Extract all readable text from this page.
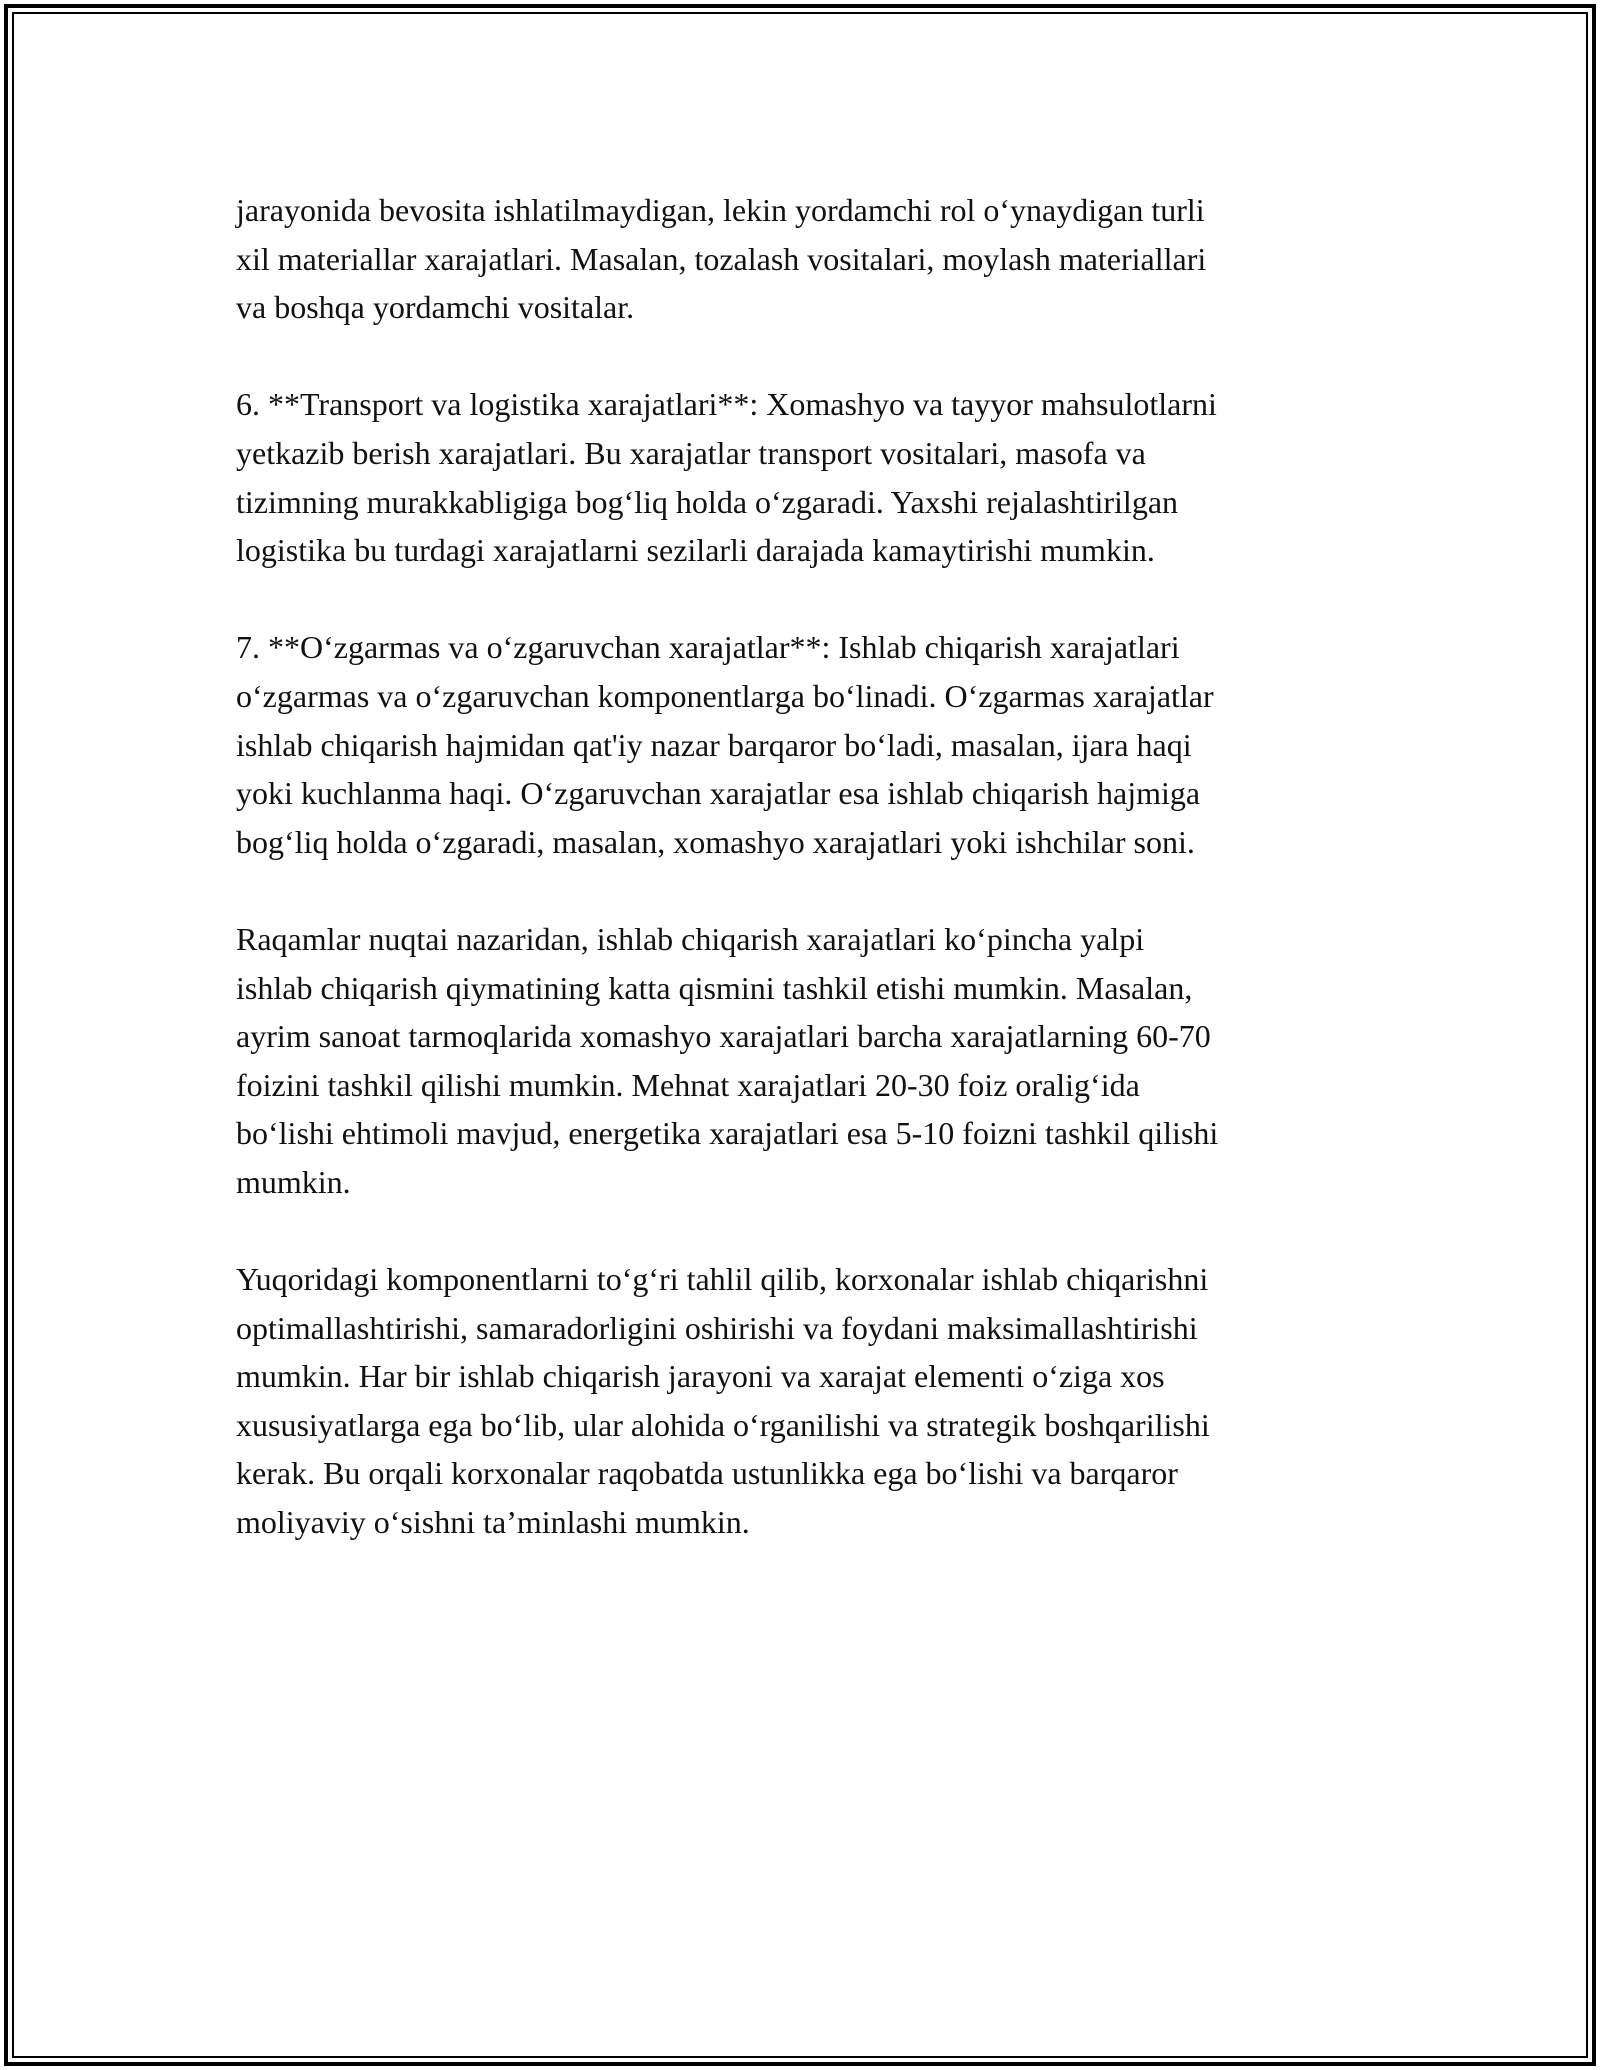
jarayonida bevosita ishlatilmaydigan, lekin yordamchi rol o‘ynaydigan turli
xil materiallar xarajatlari. Masalan, tozalash vositalari, moylash materiallari
va boshqa yordamchi vositalar.

6. **Transport va logistika xarajatlari**: Xomashyo va tayyor mahsulotlarni
yetkazib berish xarajatlari. Bu xarajatlar transport vositalari, masofa va
tizimning murakkabligiga bog‘liq holda o‘zgaradi. Yaxshi rejalashtirilgan
logistika bu turdagi xarajatlarni sezilarli darajada kamaytirishi mumkin.

7. **O‘zgarmas va o‘zgaruvchan xarajatlar**: Ishlab chiqarish xarajatlari
o‘zgarmas va o‘zgaruvchan komponentlarga bo‘linadi. O‘zgarmas xarajatlar
ishlab chiqarish hajmidan qat'iy nazar barqaror bo‘ladi, masalan, ijara haqi
yoki kuchlanma haqi. O‘zgaruvchan xarajatlar esa ishlab chiqarish hajmiga
bog‘liq holda o‘zgaradi, masalan, xomashyo xarajatlari yoki ishchilar soni.

Raqamlar nuqtai nazaridan, ishlab chiqarish xarajatlari ko‘pincha yalpi
ishlab chiqarish qiymatining katta qismini tashkil etishi mumkin. Masalan,
ayrim sanoat tarmoqlarida xomashyo xarajatlari barcha xarajatlarning 60-70
foizini tashkil qilishi mumkin. Mehnat xarajatlari 20-30 foiz oralig‘ida
bo‘lishi ehtimoli mavjud, energetika xarajatlari esa 5-10 foizni tashkil qilishi
mumkin.

Yuqoridagi komponentlarni to‘g‘ri tahlil qilib, korxonalar ishlab chiqarishni
optimallashtirishi, samaradorligini oshirishi va foydani maksimallashtirishi
mumkin. Har bir ishlab chiqarish jarayoni va xarajat elementi o‘ziga xos
xususiyatlarga ega bo‘lib, ular alohida o‘rganilishi va strategik boshqarilishi
kerak. Bu orqali korxonalar raqobatda ustunlikka ega bo‘lishi va barqaror
moliyaviy o‘sishni ta’minlashi mumkin.
